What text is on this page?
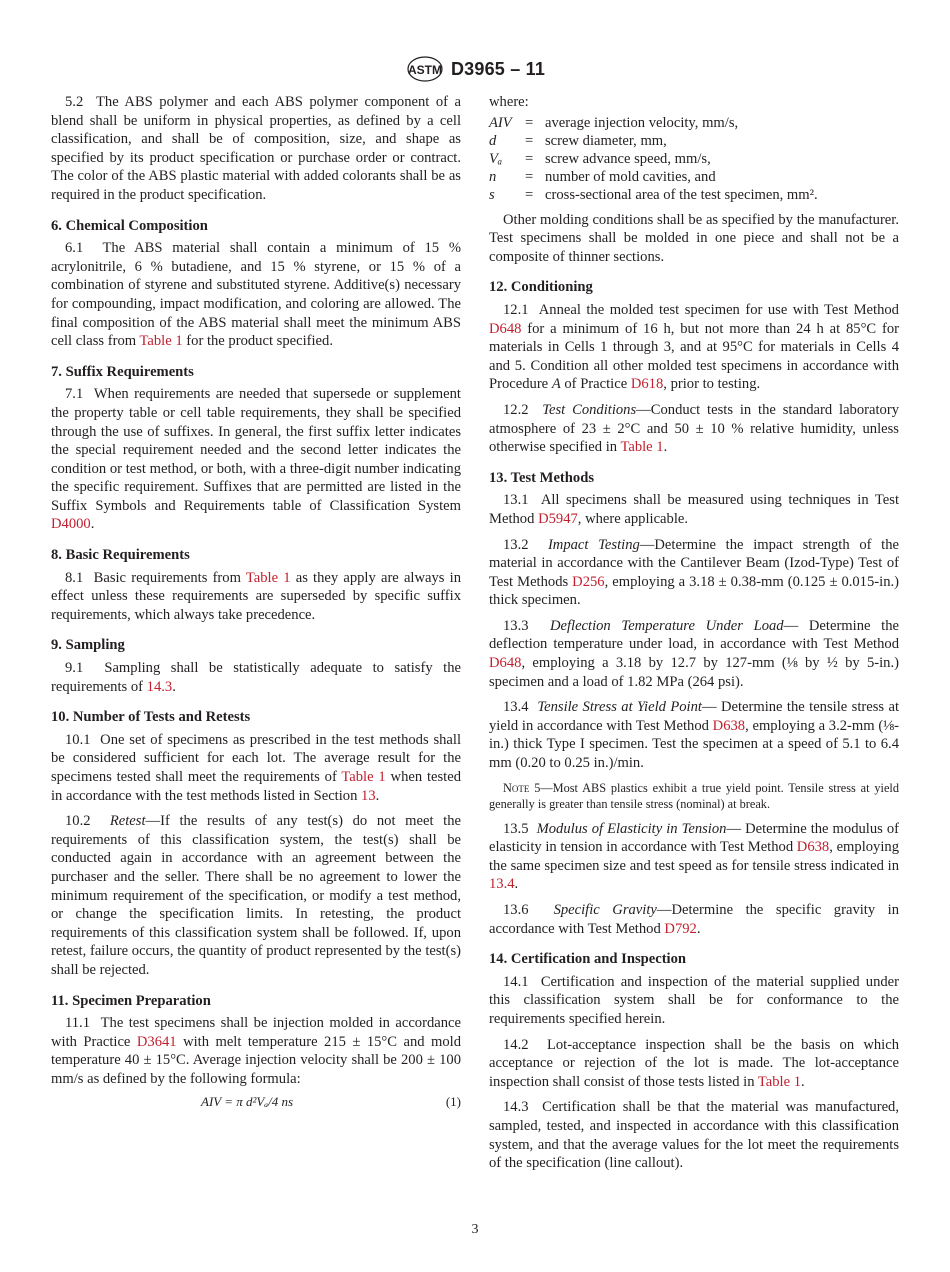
ASTM D3965 – 11

5.2 The ABS polymer and each ABS polymer component of a blend shall be uniform in physical properties, as defined by a cell classification, and shall be of composition, size, and shape as specified by its product specification or purchase order or contract. The color of the ABS plastic material with added colorants shall be as required in the product specification.

6. Chemical Composition

6.1 The ABS material shall contain a minimum of 15 % acrylonitrile, 6 % butadiene, and 15 % styrene, or 15 % of a combination of styrene and substituted styrene. Additive(s) necessary for compounding, impact modification, and coloring are allowed. The final composition of the ABS material shall meet the minimum ABS cell class from Table 1 for the product specified.

7. Suffix Requirements

7.1 When requirements are needed that supersede or supplement the property table or cell table requirements, they shall be specified through the use of suffixes. In general, the first suffix letter indicates the special requirement needed and the second letter indicates the condition or test method, or both, with a three-digit number indicating the specific requirement. Suffixes that are permitted are listed in the Suffix Symbols and Requirements table of Classification System D4000.

8. Basic Requirements

8.1 Basic requirements from Table 1 as they apply are always in effect unless these requirements are superseded by specific suffix requirements, which always take precedence.

9. Sampling

9.1 Sampling shall be statistically adequate to satisfy the requirements of 14.3.

10. Number of Tests and Retests

10.1 One set of specimens as prescribed in the test methods shall be considered sufficient for each lot. The average result for the specimens tested shall meet the requirements of Table 1 when tested in accordance with the test methods listed in Section 13.

10.2 Retest—If the results of any test(s) do not meet the requirements of this classification system, the test(s) shall be conducted again in accordance with an agreement between the purchaser and the seller. There shall be no agreement to lower the minimum requirement of the specification, or modify a test method, or change the specification limits. In retesting, the product requirements of this classification system shall be followed. If, upon retest, failure occurs, the quantity of product represented by the test(s) shall be rejected.

11. Specimen Preparation

11.1 The test specimens shall be injection molded in accordance with Practice D3641 with melt temperature 215 ± 15°C and mold temperature 40 ± 15°C. Average injection velocity shall be 200 ± 100 mm/s as defined by the following formula:

AIV = π d²Vₐ/4 ns	(1)

where:

AIV = average injection velocity, mm/s,
d	= screw diameter, mm,
Vₐ	= screw advance speed, mm/s,
n	= number of mold cavities, and
s	= cross-sectional area of the test specimen, mm².

Other molding conditions shall be as specified by the manufacturer. Test specimens shall be molded in one piece and shall not be a composite of thinner sections.

12. Conditioning

12.1 Anneal the molded test specimen for use with Test Method D648 for a minimum of 16 h, but not more than 24 h at 85°C for materials in Cells 1 through 3, and at 95°C for materials in Cells 4 and 5. Condition all other molded test specimens in accordance with Procedure A of Practice D618, prior to testing.

12.2 Test Conditions—Conduct tests in the standard laboratory atmosphere of 23 ± 2°C and 50 ± 10 % relative humidity, unless otherwise specified in Table 1.

13. Test Methods

13.1 All specimens shall be measured using techniques in Test Method D5947, where applicable.

13.2 Impact Testing—Determine the impact strength of the material in accordance with the Cantilever Beam (Izod-Type) Test of Test Methods D256, employing a 3.18 ± 0.38-mm (0.125 ± 0.015-in.) thick specimen.

13.3 Deflection Temperature Under Load— Determine the deflection temperature under load, in accordance with Test Method D648, employing a 3.18 by 12.7 by 127-mm (⅛ by ½ by 5-in.) specimen and a load of 1.82 MPa (264 psi).

13.4 Tensile Stress at Yield Point— Determine the tensile stress at yield in accordance with Test Method D638, employing a 3.2-mm (⅛-in.) thick Type I specimen. Test the specimen at a speed of 5.1 to 6.4 mm (0.20 to 0.25 in.)/min.

Note 5—Most ABS plastics exhibit a true yield point. Tensile stress at yield generally is greater than tensile stress (nominal) at break.

13.5 Modulus of Elasticity in Tension— Determine the modulus of elasticity in tension in accordance with Test Method D638, employing the same specimen size and test speed as for tensile stress indicated in 13.4.

13.6 Specific Gravity—Determine the specific gravity in accordance with Test Method D792.

14. Certification and Inspection

14.1 Certification and inspection of the material supplied under this classification system shall be for conformance to the requirements specified herein.

14.2 Lot-acceptance inspection shall be the basis on which acceptance or rejection of the lot is made. The lot-acceptance inspection shall consist of those tests listed in Table 1.

14.3 Certification shall be that the material was manufactured, sampled, tested, and inspected in accordance with this classification system, and that the average values for the lot meet the requirements of the specification (line callout).

3
